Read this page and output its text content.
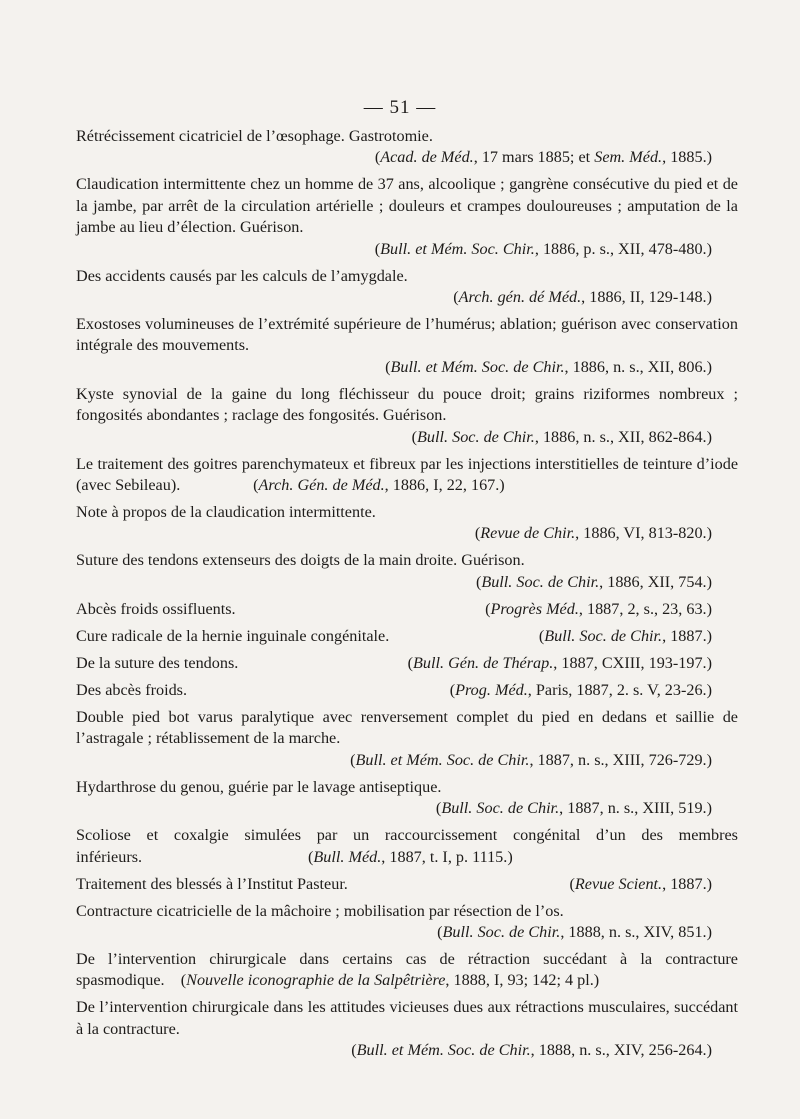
— 51 —
Rétrécissement cicatriciel de l’œsophage. Gastrotomie.
(Acad. de Méd., 17 mars 1885; et Sem. Méd., 1885.)
Claudication intermittente chez un homme de 37 ans, alcoolique ; gangrène consécutive du pied et de la jambe, par arrêt de la circulation artérielle ; douleurs et crampes douloureuses ; amputation de la jambe au lieu d’élection. Guérison.
(Bull. et Mém. Soc. Chir., 1886, p. s., XII, 478-480.)
Des accidents causés par les calculs de l’amygdale.
(Arch. gén. dé Méd., 1886, II, 129-148.)
Exostoses volumineuses de l’extrémité supérieure de l’humérus; ablation; guérison avec conservation intégrale des mouvements.
(Bull. et Mém. Soc. de Chir., 1886, n. s., XII, 806.)
Kyste synovial de la gaine du long fléchisseur du pouce droit; grains riziformes nombreux ; fongosités abondantes ; raclage des fongosités. Guérison.
(Bull. Soc. de Chir., 1886, n. s., XII, 862-864.)
Le traitement des goitres parenchymateux et fibreux par les injections interstitielles de teinture d’iode (avec Sebileau).	(Arch. Gén. de Méd., 1886, I, 22, 167.)
Note à propos de la claudication intermittente.
(Revue de Chir., 1886, VI, 813-820.)
Suture des tendons extenseurs des doigts de la main droite. Guérison.
(Bull. Soc. de Chir., 1886, XII, 754.)
Abcès froids ossifluents.	(Progrès Méd., 1887, 2, s., 23, 63.)
Cure radicale de la hernie inguinale congénitale.	(Bull. Soc. de Chir., 1887.)
De la suture des tendons.	(Bull. Gén. de Thérap., 1887, CXIII, 193-197.)
Des abcès froids.	(Prog. Méd., Paris, 1887, 2. s. V, 23-26.)
Double pied bot varus paralytique avec renversement complet du pied en dedans et saillie de l’astragale ; rétablissement de la marche.
(Bull. et Mém. Soc. de Chir., 1887, n. s., XIII, 726-729.)
Hydarthrose du genou, guérie par le lavage antiseptique.
(Bull. Soc. de Chir., 1887, n. s., XIII, 519.)
Scoliose et coxalgie simulées par un raccourcissement congénital d’un des membres inférieurs.	(Bull. Méd., 1887, t. I, p. 1115.)
Traitement des blessés à l’Institut Pasteur.	(Revue Scient., 1887.)
Contracture cicatricielle de la mâchoire ; mobilisation par résection de l’os.
(Bull. Soc. de Chir., 1888, n. s., XIV, 851.)
De l’intervention chirurgicale dans certains cas de rétraction succédant à la contracture spasmodique. (Nouvelle iconographie de la Salpêtrière, 1888, I, 93; 142; 4 pl.)
De l’intervention chirurgicale dans les attitudes vicieuses dues aux rétractions musculaires, succédant à la contracture.
(Bull. et Mém. Soc. de Chir., 1888, n. s., XIV, 256-264.)
